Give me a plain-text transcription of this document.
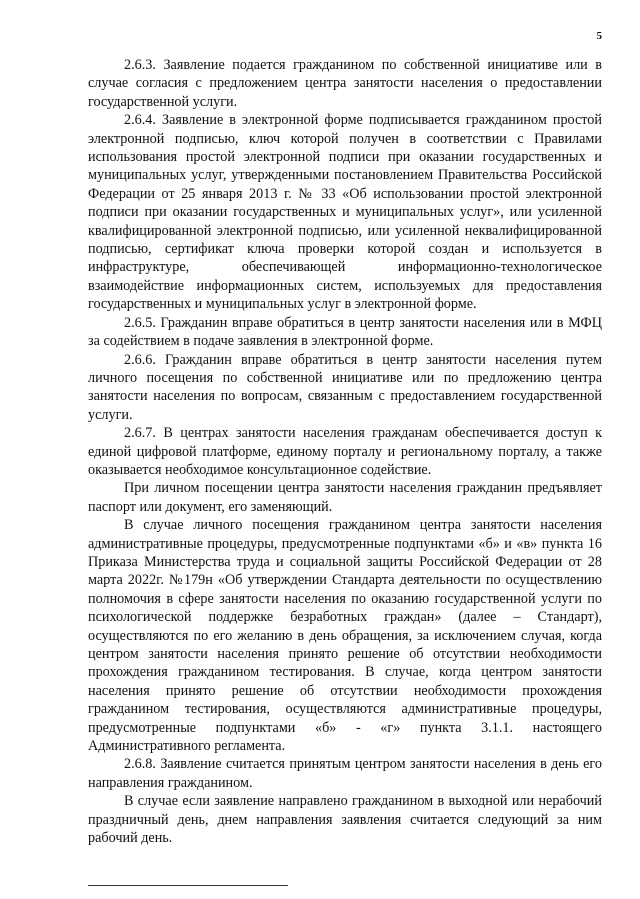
5

2.6.3. Заявление подается гражданином по собственной инициативе или в случае согласия с предложением центра занятости населения о предоставлении государственной услуги.

2.6.4. Заявление в электронной форме подписывается гражданином простой электронной подписью, ключ которой получен в соответствии с Правилами использования простой электронной подписи при оказании государственных и муниципальных услуг, утвержденными постановлением Правительства Российской Федерации от 25 января 2013 г. № 33 «Об использовании простой электронной подписи при оказании государственных и муниципальных услуг», или усиленной квалифицированной электронной подписью, или усиленной неквалифицированной подписью, сертификат ключа проверки которой создан и используется в инфраструктуре, обеспечивающей информационно-технологическое взаимодействие информационных систем, используемых для предоставления государственных и муниципальных услуг в электронной форме.

2.6.5. Гражданин вправе обратиться в центр занятости населения или в МФЦ за содействием в подаче заявления в электронной форме.

2.6.6. Гражданин вправе обратиться в центр занятости населения путем личного посещения по собственной инициативе или по предложению центра занятости населения по вопросам, связанным с предоставлением государственной услуги.

2.6.7. В центрах занятости населения гражданам обеспечивается доступ к единой цифровой платформе, единому порталу и региональному порталу, а также оказывается необходимое консультационное содействие.

При личном посещении центра занятости населения гражданин предъявляет паспорт или документ, его заменяющий.

В случае личного посещения гражданином центра занятости населения административные процедуры, предусмотренные подпунктами «б» и «в» пункта 16 Приказа Министерства труда и социальной защиты Российской Федерации от 28 марта 2022г. №179н «Об утверждении Стандарта деятельности по осуществлению полномочия в сфере занятости населения по оказанию государственной услуги по психологической поддержке безработных граждан» (далее – Стандарт), осуществляются по его желанию в день обращения, за исключением случая, когда центром занятости населения принято решение об отсутствии необходимости прохождения гражданином тестирования. В случае, когда центром занятости населения принято решение об отсутствии необходимости прохождения гражданином тестирования, осуществляются административные процедуры, предусмотренные подпунктами «б» - «г» пункта 3.1.1. настоящего Административного регламента.

2.6.8. Заявление считается принятым центром занятости населения в день его направления гражданином.

В случае если заявление направлено гражданином в выходной или нерабочий праздничный день, днем направления заявления считается следующий за ним рабочий день.
